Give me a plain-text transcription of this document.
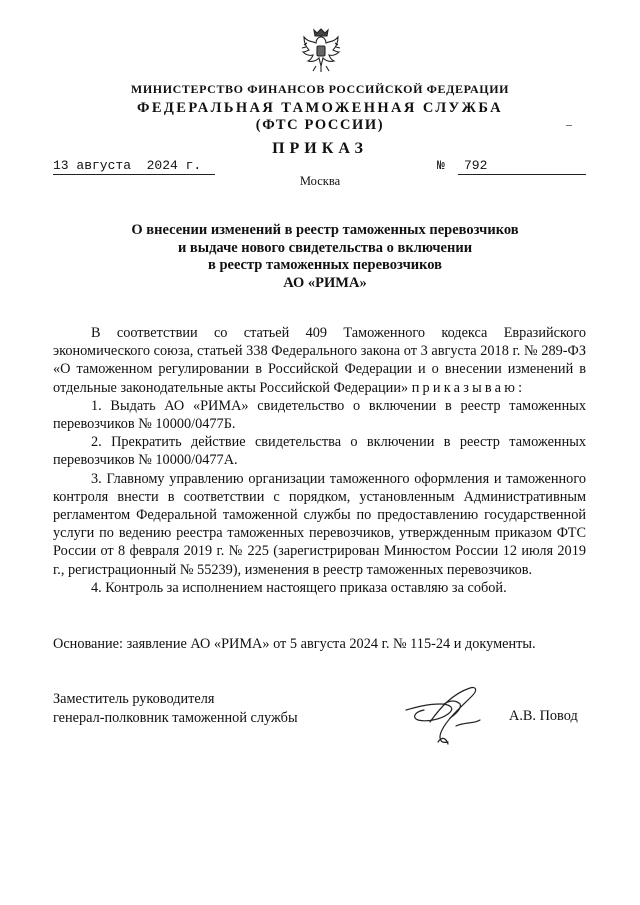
МИНИСТЕРСТВО ФИНАНСОВ РОССИЙСКОЙ ФЕДЕРАЦИИ
ФЕДЕРАЛЬНАЯ ТАМОЖЕННАЯ СЛУЖБА
(ФТС РОССИИ)
ПРИКАЗ
13 августа  2024 г.	№	792
Москва
О внесении изменений в реестр таможенных перевозчиков
и выдаче нового свидетельства о включении
в реестр таможенных перевозчиков
АО «РИМА»

В соответствии со статьей 409 Таможенного кодекса Евразийского экономического союза, статьей 338 Федерального закона от 3 августа 2018 г. № 289-ФЗ «О таможенном регулировании в Российской Федерации и о внесении изменений в отдельные законодательные акты Российской Федерации» приказываю:

1. Выдать АО «РИМА» свидетельство о включении в реестр таможенных перевозчиков № 10000/0477Б.

2. Прекратить действие свидетельства о включении в реестр таможенных перевозчиков № 10000/0477А.

3. Главному управлению организации таможенного оформления и таможенного контроля внести в соответствии с порядком, установленным Административным регламентом Федеральной таможенной службы по предоставлению государственной услуги по ведению реестра таможенных перевозчиков, утвержденным приказом ФТС России от 8 февраля 2019 г. № 225 (зарегистрирован Минюстом России 12 июля 2019 г., регистрационный № 55239), изменения в реестр таможенных перевозчиков.

4. Контроль за исполнением настоящего приказа оставляю за собой.

Основание: заявление АО «РИМА» от 5 августа 2024 г. № 115-24 и документы.
Заместитель руководителя
генерал-полковник таможенной службы	А.В. Повод
